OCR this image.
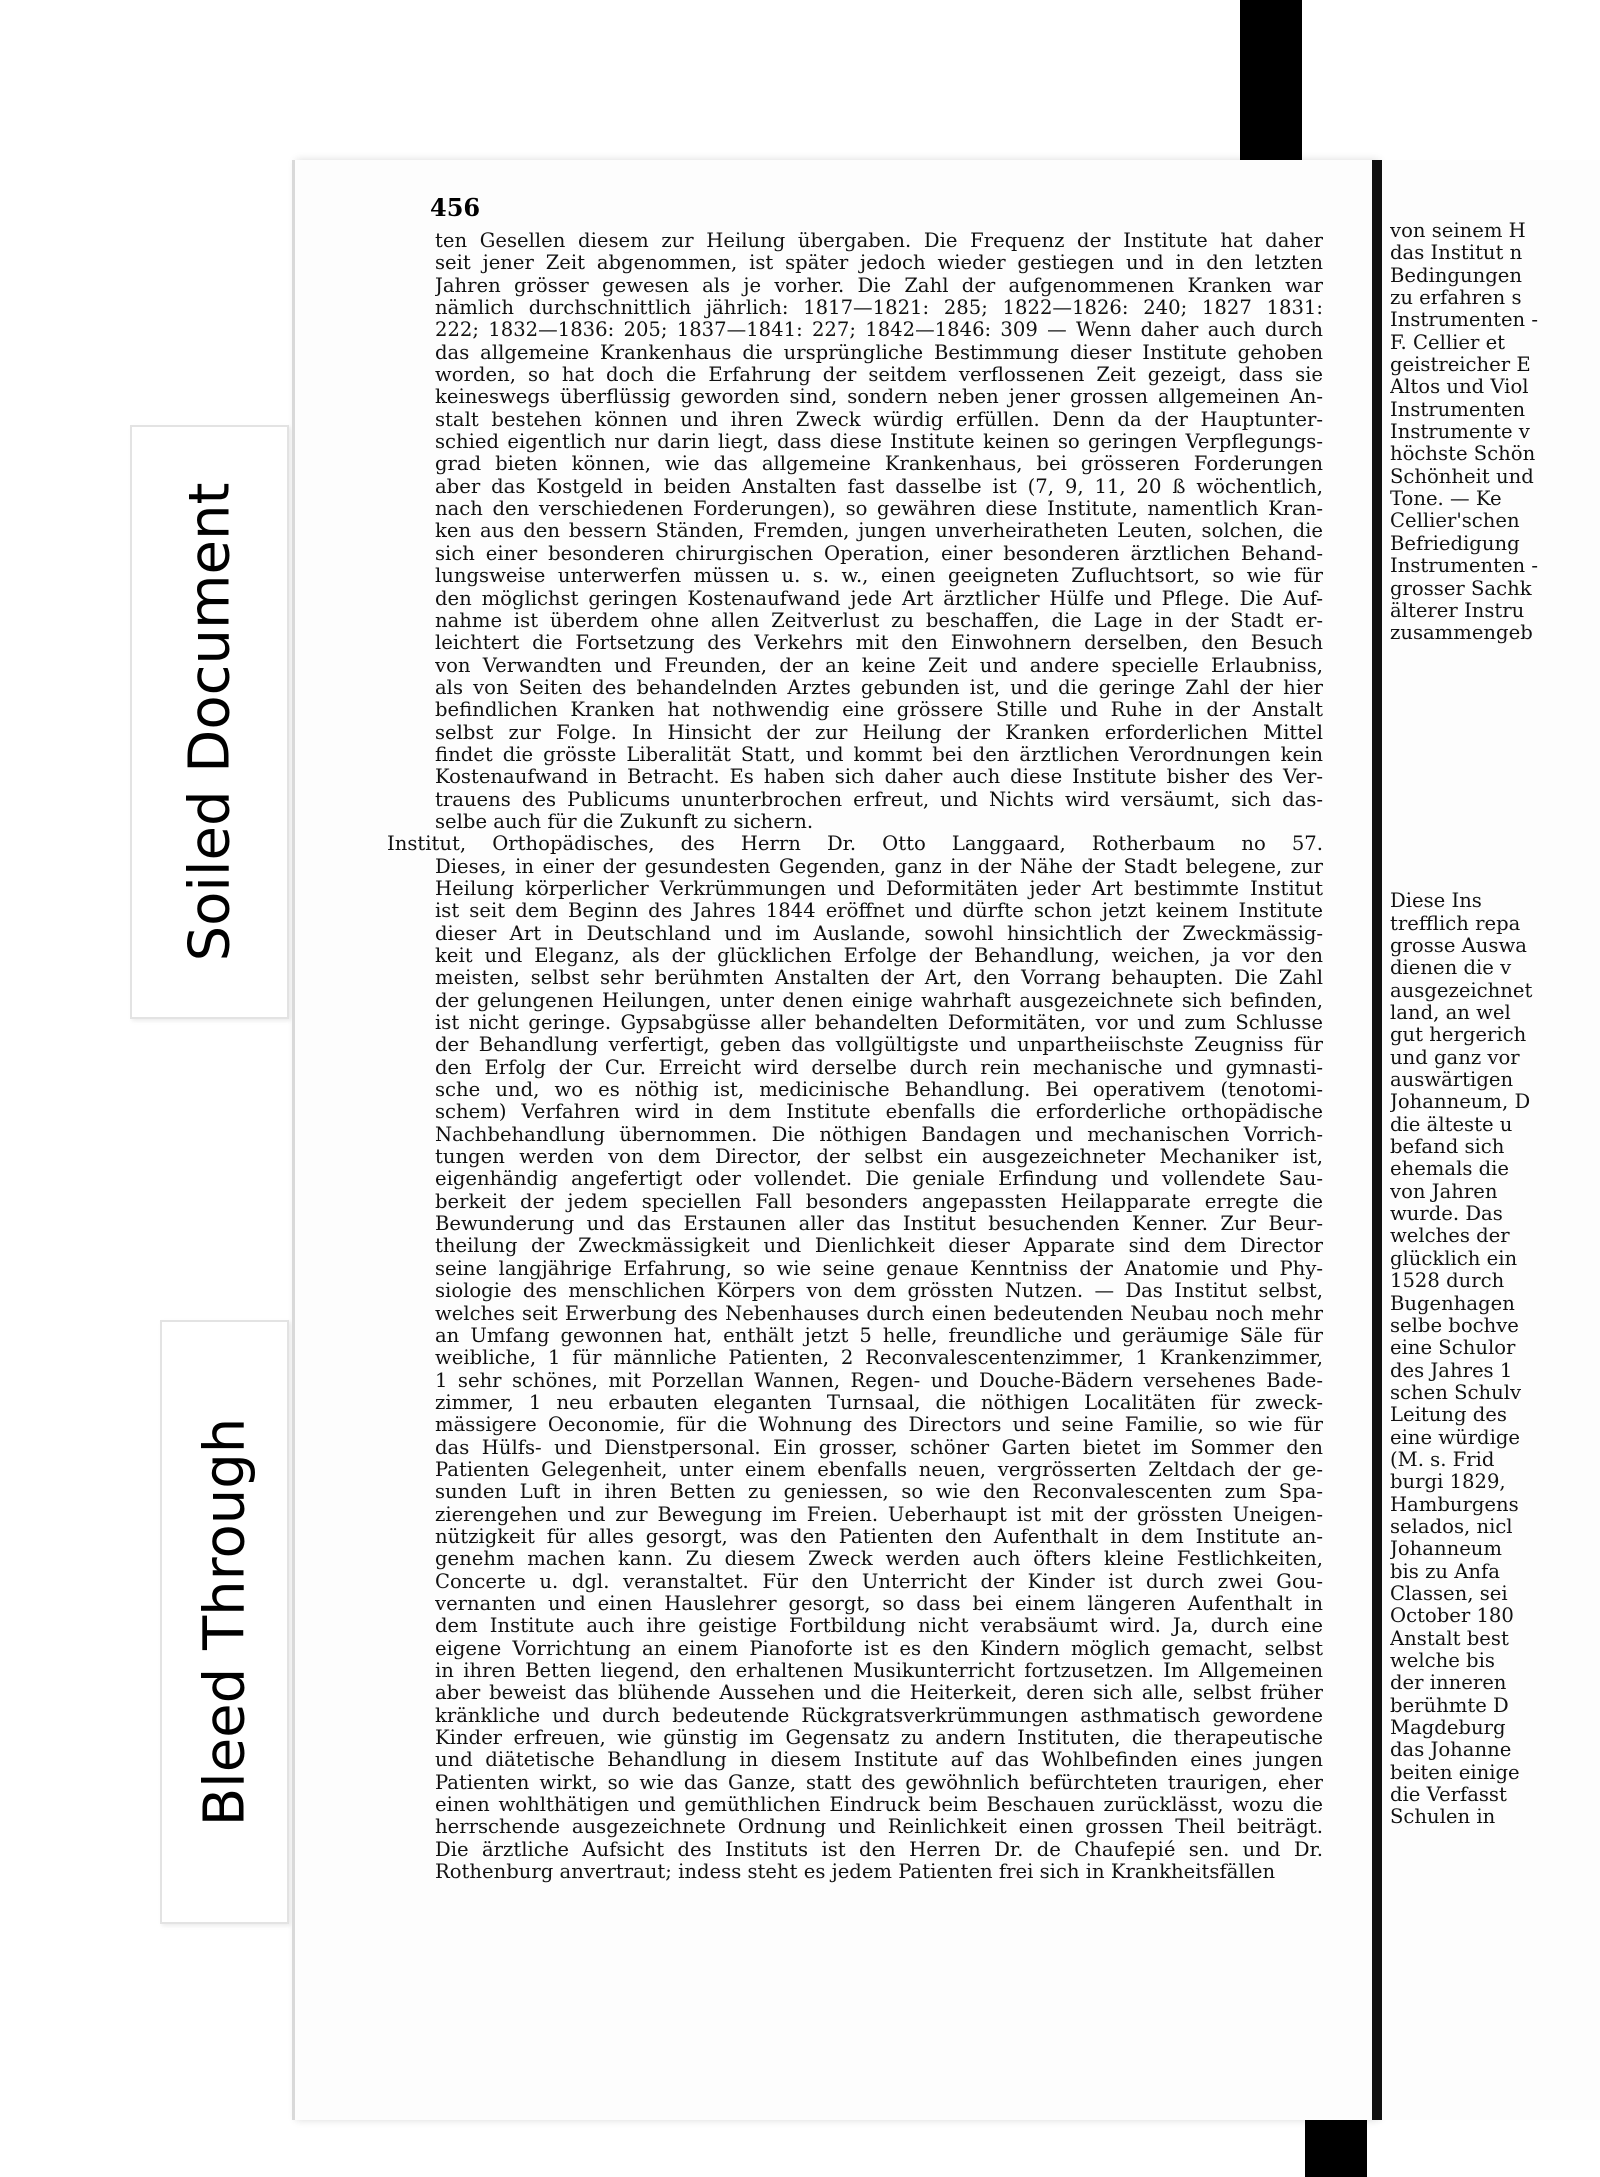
Soiled Document
Bleed Through
456
ten Gesellen diesem zur Heilung übergaben. Die Frequenz der Institute hat daher
seit jener Zeit abgenommen, ist später jedoch wieder gestiegen und in den letzten
Jahren grösser gewesen als je vorher. Die Zahl der aufgenommenen Kranken war
nämlich durchschnittlich jährlich: 1817—1821: 285; 1822—1826: 240; 1827 1831:
222; 1832—1836: 205; 1837—1841: 227; 1842—1846: 309 — Wenn daher auch durch
das allgemeine Krankenhaus die ursprüngliche Bestimmung dieser Institute gehoben
worden, so hat doch die Erfahrung der seitdem verflossenen Zeit gezeigt, dass sie
keineswegs überflüssig geworden sind, sondern neben jener grossen allgemeinen An-
stalt bestehen können und ihren Zweck würdig erfüllen. Denn da der Hauptunter-
schied eigentlich nur darin liegt, dass diese Institute keinen so geringen Verpflegungs-
grad bieten können, wie das allgemeine Krankenhaus, bei grösseren Forderungen
aber das Kostgeld in beiden Anstalten fast dasselbe ist (7, 9, 11, 20 ß wöchentlich,
nach den verschiedenen Forderungen), so gewähren diese Institute, namentlich Kran-
ken aus den bessern Ständen, Fremden, jungen unverheiratheten Leuten, solchen, die
sich einer besonderen chirurgischen Operation, einer besonderen ärztlichen Behand-
lungsweise unterwerfen müssen u. s. w., einen geeigneten Zufluchtsort, so wie für
den möglichst geringen Kostenaufwand jede Art ärztlicher Hülfe und Pflege. Die Auf-
nahme ist überdem ohne allen Zeitverlust zu beschaffen, die Lage in der Stadt er-
leichtert die Fortsetzung des Verkehrs mit den Einwohnern derselben, den Besuch
von Verwandten und Freunden, der an keine Zeit und andere specielle Erlaubniss,
als von Seiten des behandelnden Arztes gebunden ist, und die geringe Zahl der hier
befindlichen Kranken hat nothwendig eine grössere Stille und Ruhe in der Anstalt
selbst zur Folge. In Hinsicht der zur Heilung der Kranken erforderlichen Mittel
findet die grösste Liberalität Statt, und kommt bei den ärztlichen Verordnungen kein
Kostenaufwand in Betracht. Es haben sich daher auch diese Institute bisher des Ver-
trauens des Publicums ununterbrochen erfreut, und Nichts wird versäumt, sich das-
selbe auch für die Zukunft zu sichern.
Institut, Orthopädisches, des Herrn Dr. Otto Langgaard, Rotherbaum no 57.
Dieses, in einer der gesundesten Gegenden, ganz in der Nähe der Stadt belegene, zur
Heilung körperlicher Verkrümmungen und Deformitäten jeder Art bestimmte Institut
ist seit dem Beginn des Jahres 1844 eröffnet und dürfte schon jetzt keinem Institute
dieser Art in Deutschland und im Auslande, sowohl hinsichtlich der Zweckmässig-
keit und Eleganz, als der glücklichen Erfolge der Behandlung, weichen, ja vor den
meisten, selbst sehr berühmten Anstalten der Art, den Vorrang behaupten. Die Zahl
der gelungenen Heilungen, unter denen einige wahrhaft ausgezeichnete sich befinden,
ist nicht geringe. Gypsabgüsse aller behandelten Deformitäten, vor und zum Schlusse
der Behandlung verfertigt, geben das vollgültigste und unpartheiischste Zeugniss für
den Erfolg der Cur. Erreicht wird derselbe durch rein mechanische und gymnasti-
sche und, wo es nöthig ist, medicinische Behandlung. Bei operativem (tenotomi-
schem) Verfahren wird in dem Institute ebenfalls die erforderliche orthopädische
Nachbehandlung übernommen. Die nöthigen Bandagen und mechanischen Vorrich-
tungen werden von dem Director, der selbst ein ausgezeichneter Mechaniker ist,
eigenhändig angefertigt oder vollendet. Die geniale Erfindung und vollendete Sau-
berkeit der jedem speciellen Fall besonders angepassten Heilapparate erregte die
Bewunderung und das Erstaunen aller das Institut besuchenden Kenner. Zur Beur-
theilung der Zweckmässigkeit und Dienlichkeit dieser Apparate sind dem Director
seine langjährige Erfahrung, so wie seine genaue Kenntniss der Anatomie und Phy-
siologie des menschlichen Körpers von dem grössten Nutzen. — Das Institut selbst,
welches seit Erwerbung des Nebenhauses durch einen bedeutenden Neubau noch mehr
an Umfang gewonnen hat, enthält jetzt 5 helle, freundliche und geräumige Säle für
weibliche, 1 für männliche Patienten, 2 Reconvalescentenzimmer, 1 Krankenzimmer,
1 sehr schönes, mit Porzellan Wannen, Regen- und Douche-Bädern versehenes Bade-
zimmer, 1 neu erbauten eleganten Turnsaal, die nöthigen Localitäten für zweck-
mässigere Oeconomie, für die Wohnung des Directors und seine Familie, so wie für
das Hülfs- und Dienstpersonal. Ein grosser, schöner Garten bietet im Sommer den
Patienten Gelegenheit, unter einem ebenfalls neuen, vergrösserten Zeltdach der ge-
sunden Luft in ihren Betten zu geniessen, so wie den Reconvalescenten zum Spa-
zierengehen und zur Bewegung im Freien. Ueberhaupt ist mit der grössten Uneigen-
nützigkeit für alles gesorgt, was den Patienten den Aufenthalt in dem Institute an-
genehm machen kann. Zu diesem Zweck werden auch öfters kleine Festlichkeiten,
Concerte u. dgl. veranstaltet. Für den Unterricht der Kinder ist durch zwei Gou-
vernanten und einen Hauslehrer gesorgt, so dass bei einem längeren Aufenthalt in
dem Institute auch ihre geistige Fortbildung nicht verabsäumt wird. Ja, durch eine
eigene Vorrichtung an einem Pianoforte ist es den Kindern möglich gemacht, selbst
in ihren Betten liegend, den erhaltenen Musikunterricht fortzusetzen. Im Allgemeinen
aber beweist das blühende Aussehen und die Heiterkeit, deren sich alle, selbst früher
kränkliche und durch bedeutende Rückgratsverkrümmungen asthmatisch gewordene
Kinder erfreuen, wie günstig im Gegensatz zu andern Instituten, die therapeutische
und diätetische Behandlung in diesem Institute auf das Wohlbefinden eines jungen
Patienten wirkt, so wie das Ganze, statt des gewöhnlich befürchteten traurigen, eher
einen wohlthätigen und gemüthlichen Eindruck beim Beschauen zurücklässt, wozu die
herrschende ausgezeichnete Ordnung und Reinlichkeit einen grossen Theil beiträgt.
Die ärztliche Aufsicht des Instituts ist den Herren Dr. de Chaufepié sen. und Dr.
Rothenburg anvertraut; indess steht es jedem Patienten frei sich in Krankheitsfällen
von seinem H
das Institut n
Bedingungen
zu erfahren s
Instrumenten -
F. Cellier et
geistreicher E
Altos und Viol
Instrumenten
Instrumente v
höchste Schön
Schönheit und
Tone. — Ke
Cellier'schen
Befriedigung
Instrumenten -
grosser Sachk
älterer Instru
zusammengeb
Diese Ins
trefflich repa
grosse Auswa
dienen die v
ausgezeichnet
land, an wel
gut hergerich
und ganz vor
auswärtigen
Johanneum, D
die älteste u
befand sich
ehemals die
von Jahren
wurde. Das
welches der
glücklich ein
1528 durch
Bugenhagen
selbe bochve
eine Schulor
des Jahres 1
schen Schulv
Leitung des
eine würdige
(M. s. Frid
burgi 1829,
Hamburgens
selados, nicl
Johanneum
bis zu Anfa
Classen, sei
October 180
Anstalt best
welche bis
der inneren
berühmte D
Magdeburg
das Johanne
beiten einige
die Verfasst
Schulen in
